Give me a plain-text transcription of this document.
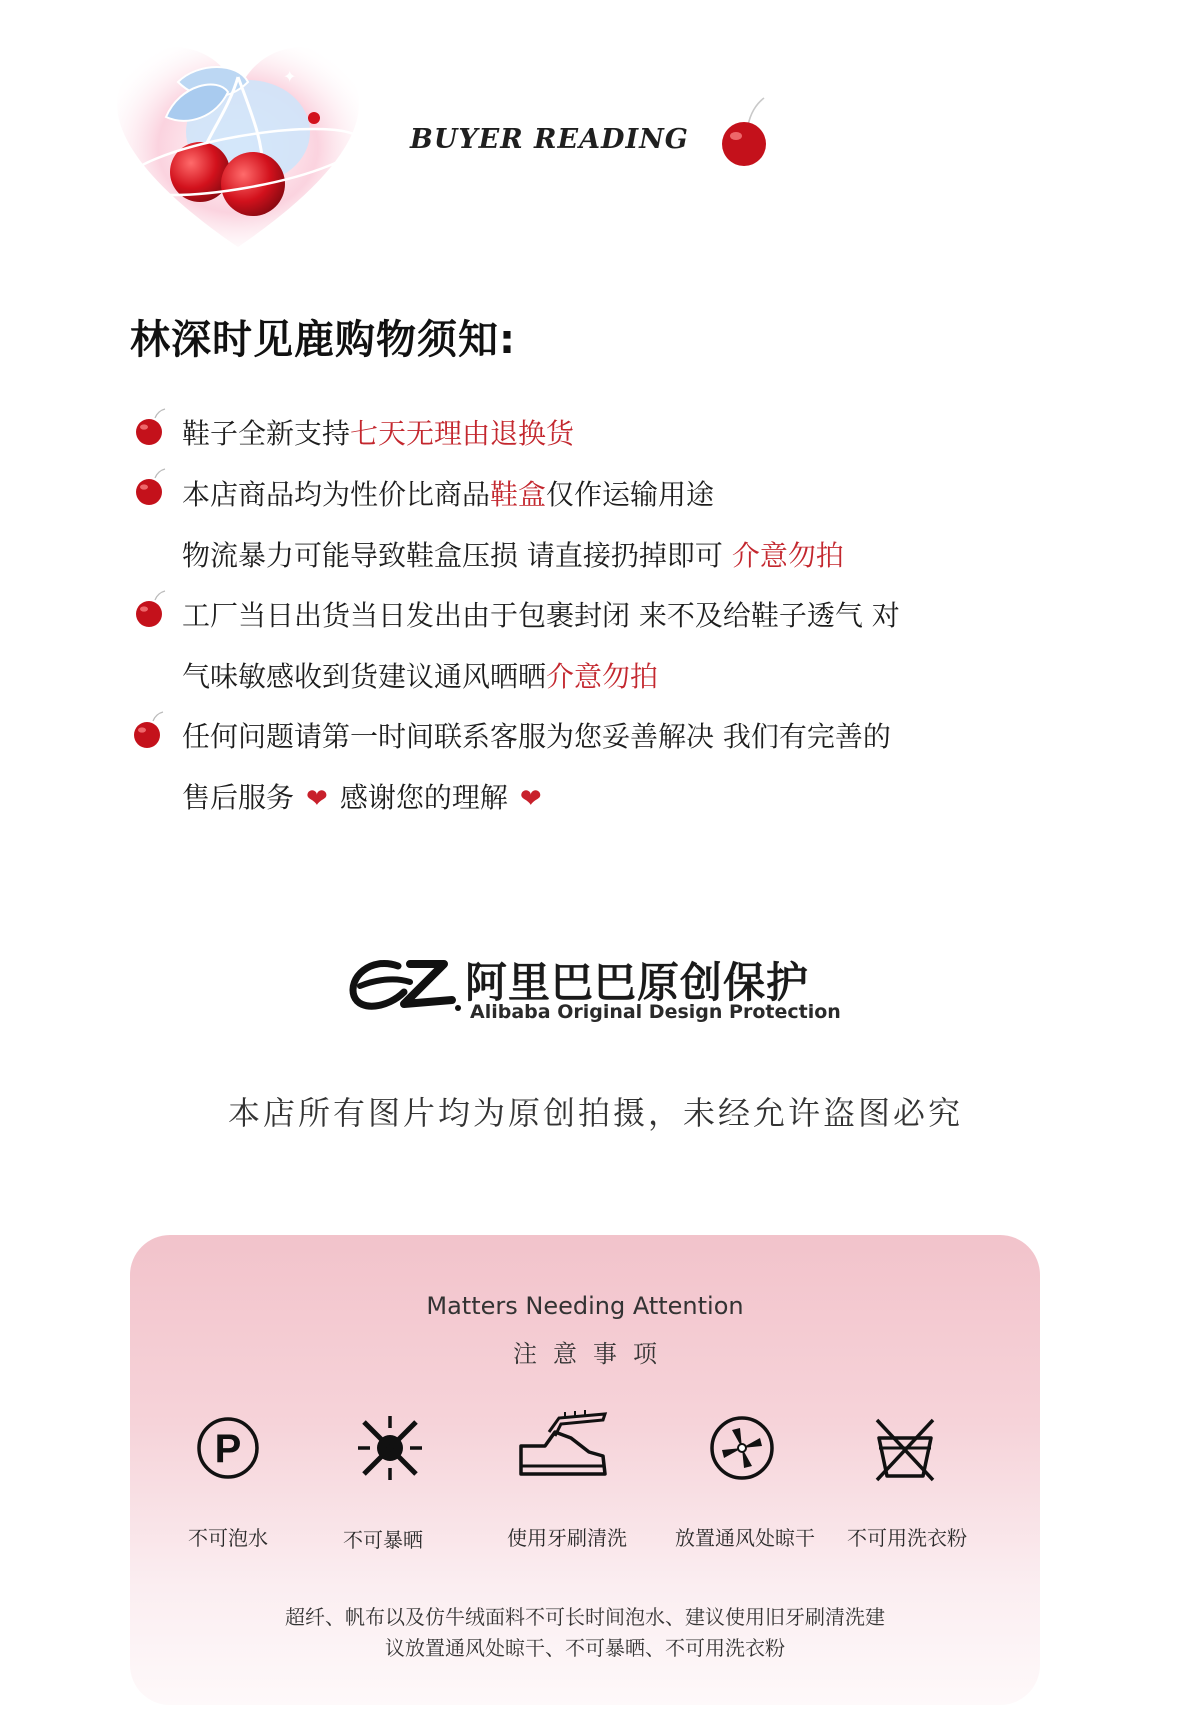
✦
✦
BUYER READING
林深时见鹿购物须知:
鞋子全新支持七天无理由退换货
本店商品均为性价比商品鞋盒仅作运输用途
物流暴力可能导致鞋盒压损 请直接扔掉即可 介意勿拍
工厂当日出货当日发出由于包裹封闭 来不及给鞋子透气 对
气味敏感收到货建议通风晒晒介意勿拍
任何问题请第一时间联系客服为您妥善解决 我们有完善的
售后服务 ❤ 感谢您的理解 ❤
阿里巴巴原创保护
Alibaba Original Design Protection
本店所有图片均为原创拍摄，未经允许盗图必究
Matters Needing Attention
注意事项
P
不可泡水	不可暴晒	使用牙刷清洗	放置通风处晾干	不可用洗衣粉
超纤、帆布以及仿牛绒面料不可长时间泡水、建议使用旧牙刷清洗建
议放置通风处晾干、不可暴晒、不可用洗衣粉
